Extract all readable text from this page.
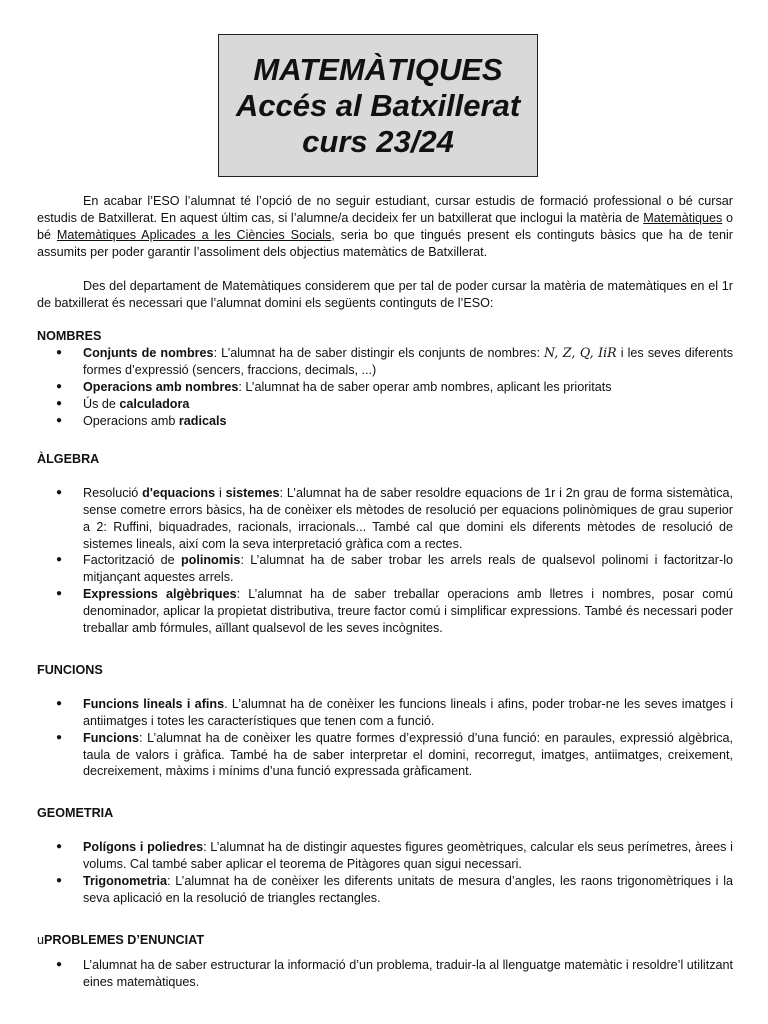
MATEMÀTIQUES
Accés al Batxillerat
curs 23/24

En acabar l’ESO l’alumnat té l’opció de no seguir estudiant, cursar estudis de formació professional o bé cursar estudis de Batxillerat. En aquest últim cas, si l’alumne/a decideix fer un batxillerat que inclogui la matèria de Matemàtiques o bé Matemàtiques Aplicades a les Ciències Socials, seria bo que tingués present els continguts bàsics que ha de tenir assumits per poder garantir l’assoliment dels objectius matemàtics de Batxillerat.

Des del departament de Matemàtiques considerem que per tal de poder cursar la matèria de matemàtiques en el 1r de batxillerat és necessari que l’alumnat domini els següents continguts de l’ESO:

NOMBRES
● Conjunts de nombres: L’alumnat ha de saber distingir els conjunts de nombres: N, Z, Q, IiR i les seves diferents formes d’expressió (sencers, fraccions, decimals, ...)
● Operacions amb nombres: L’alumnat ha de saber operar amb nombres, aplicant les prioritats
● Ús de calculadora
● Operacions amb radicals
ÀLGEBRA
● Resolució d'equacions i sistemes: L’alumnat ha de saber resoldre equacions de 1r i 2n grau de forma sistemàtica, sense cometre errors bàsics, ha de conèixer els mètodes de resolució per equacions polinòmiques de grau superior a 2: Ruffini, biquadrades, racionals, irracionals... També cal que domini els diferents mètodes de resolució de sistemes lineals, així com la seva interpretació gràfica com a rectes.
● Factorització de polinomis: L’alumnat ha de saber trobar les arrels reals de qualsevol polinomi i factoritzar-lo mitjançant aquestes arrels.
● Expressions algèbriques: L’alumnat ha de saber treballar operacions amb lletres i nombres, posar comú denominador, aplicar la propietat distributiva, treure factor comú i simplificar expressions. També és necessari poder treballar amb fórmules, aïllant qualsevol de les seves incògnites.
FUNCIONS
● Funcions lineals i afins. L’alumnat ha de conèixer les funcions lineals i afins, poder trobar-ne les seves imatges i antiimatges i totes les característiques que tenen com a funció.
● Funcions: L’alumnat ha de conèixer les quatre formes d’expressió d’una funció: en paraules, expressió algèbrica, taula de valors i gràfica. També ha de saber interpretar el domini, recorregut, imatges, antiimatges, creixement, decreixement, màxims i mínims d’una funció expressada gràficament.
GEOMETRIA
● Polígons i poliedres: L’alumnat ha de distingir aquestes figures geomètriques, calcular els seus perímetres, àrees i volums. Cal també saber aplicar el teorema de Pitàgores quan sigui necessari.
● Trigonometria: L’alumnat ha de conèixer les diferents unitats de mesura d’angles, les raons trigonomètriques i la seva aplicació en la resolució de triangles rectangles.
uPROBLEMES D’ENUNCIAT
● L’alumnat ha de saber estructurar la informació d’un problema, traduir-la al llenguatge matemàtic i resoldre’l utilitzant eines matemàtiques.
